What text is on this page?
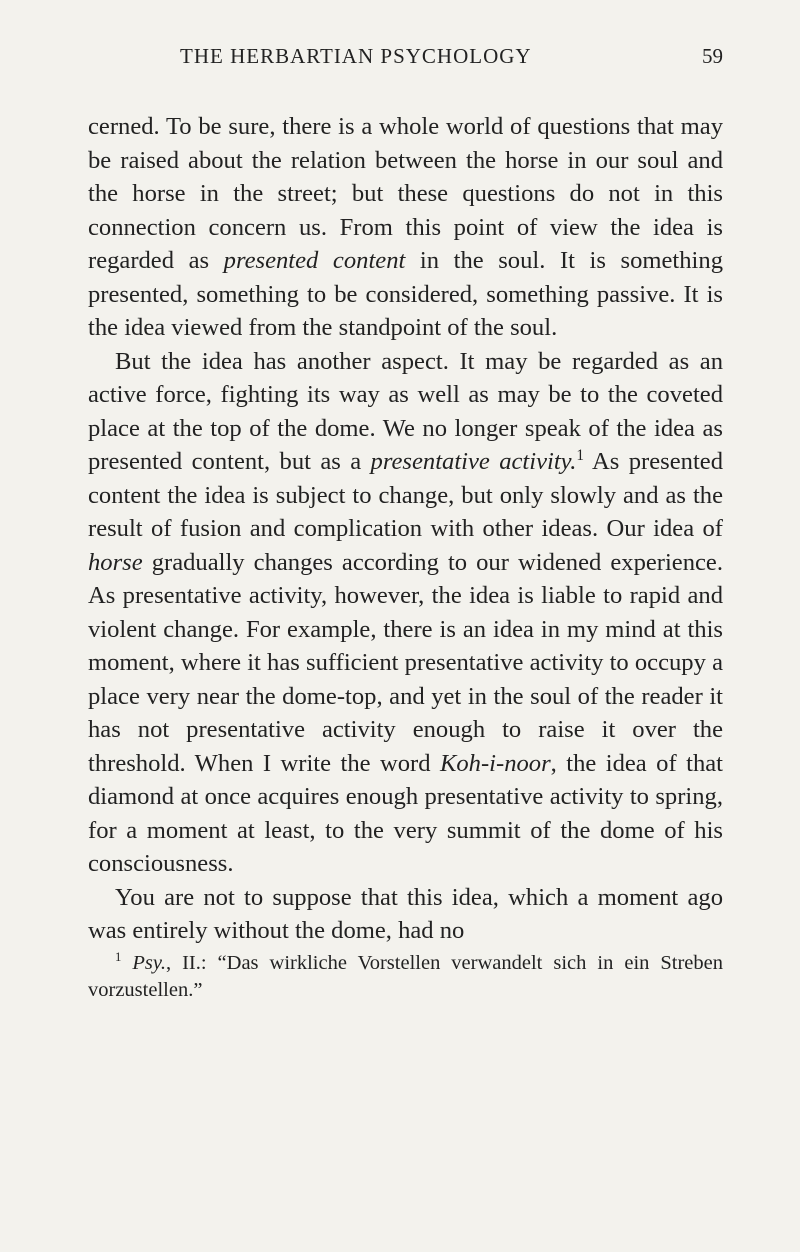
THE HERBARTIAN PSYCHOLOGY	59

cerned. To be sure, there is a whole world of questions that may be raised about the relation between the horse in our soul and the horse in the street; but these questions do not in this connection concern us. From this point of view the idea is regarded as presented content in the soul. It is something presented, something to be considered, something passive. It is the idea viewed from the standpoint of the soul.

But the idea has another aspect. It may be regarded as an active force, fighting its way as well as may be to the coveted place at the top of the dome. We no longer speak of the idea as presented content, but as a presentative activity.$^1$ As presented content the idea is subject to change, but only slowly and as the result of fusion and complication with other ideas. Our idea of horse gradually changes according to our widened experience. As presentative activity, however, the idea is liable to rapid and violent change. For example, there is an idea in my mind at this moment, where it has sufficient presentative activity to occupy a place very near the dome-top, and yet in the soul of the reader it has not presentative activity enough to raise it over the threshold. When I write the word Koh-i-noor, the idea of that diamond at once acquires enough presentative activity to spring, for a moment at least, to the very summit of the dome of his consciousness.

You are not to suppose that this idea, which a moment ago was entirely without the dome, had no

$^1$ Psy., II.: “Das wirkliche Vorstellen verwandelt sich in ein Streben vorzustellen.”
